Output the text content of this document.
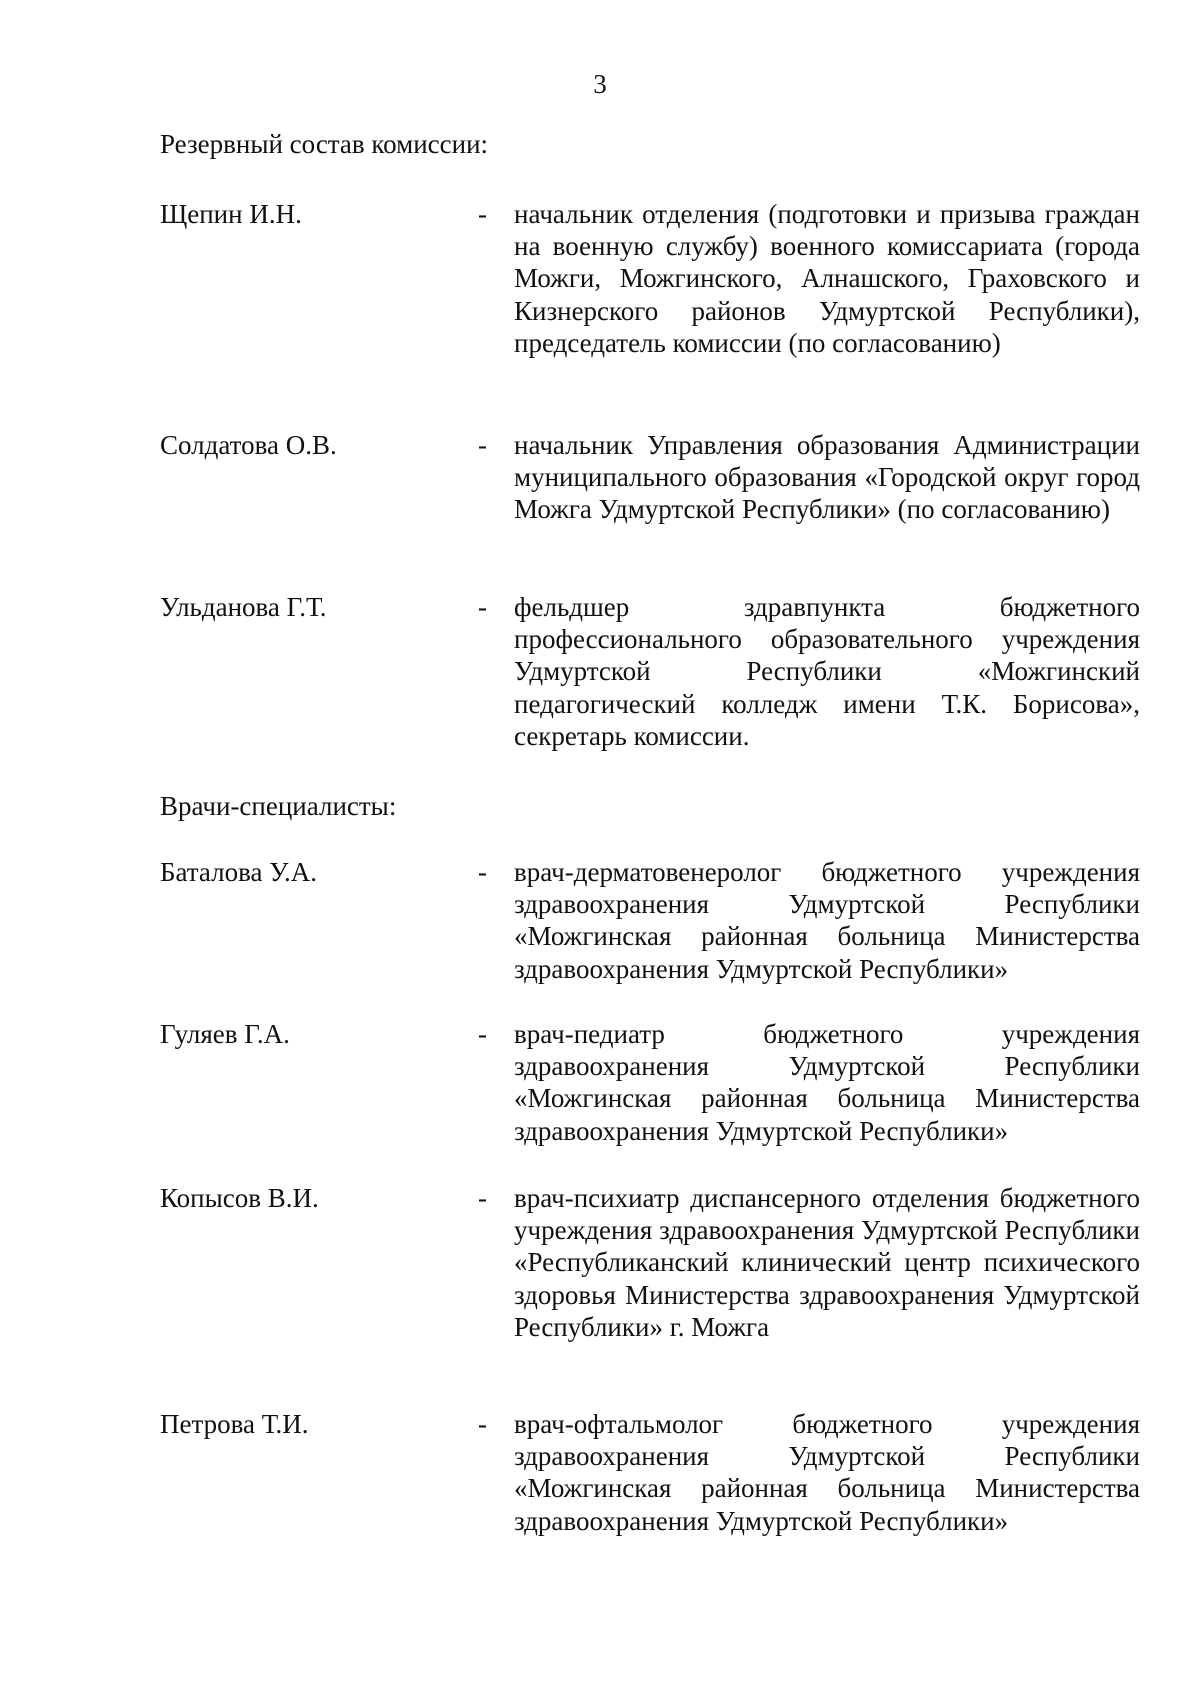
3
Резервный состав комиссии:
Щепин И.Н.	- начальник отделения (подготовки и призыва граждан на военную службу) военного комиссариата (города Можги, Можгинского, Алнашского, Граховского и Кизнерского районов Удмуртской Республики), председатель комиссии (по согласованию)
Солдатова О.В.	- начальник Управления образования Администрации муниципального образования «Городской округ город Можга Удмуртской Республики» (по согласованию)
Ульданова Г.Т.	- фельдшер здравпункта бюджетного профессионального образовательного учреждения Удмуртской Республики «Можгинский педагогический колледж имени Т.К. Борисова», секретарь комиссии.
Врачи-специалисты:
Баталова У.А.	- врач-дерматовенеролог бюджетного учреждения здравоохранения Удмуртской Республики «Можгинская районная больница Министерства здравоохранения Удмуртской Республики»
Гуляев Г.А.	- врач-педиатр бюджетного учреждения здравоохранения Удмуртской Республики «Можгинская районная больница Министерства здравоохранения Удмуртской Республики»
Копысов В.И.	- врач-психиатр диспансерного отделения бюджетного учреждения здравоохранения Удмуртской Республики «Республиканский клинический центр психического здоровья Министерства здравоохранения Удмуртской Республики» г. Можга
Петрова Т.И.	- врач-офтальмолог бюджетного учреждения здравоохранения Удмуртской Республики «Можгинская районная больница Министерства здравоохранения Удмуртской Республики»
